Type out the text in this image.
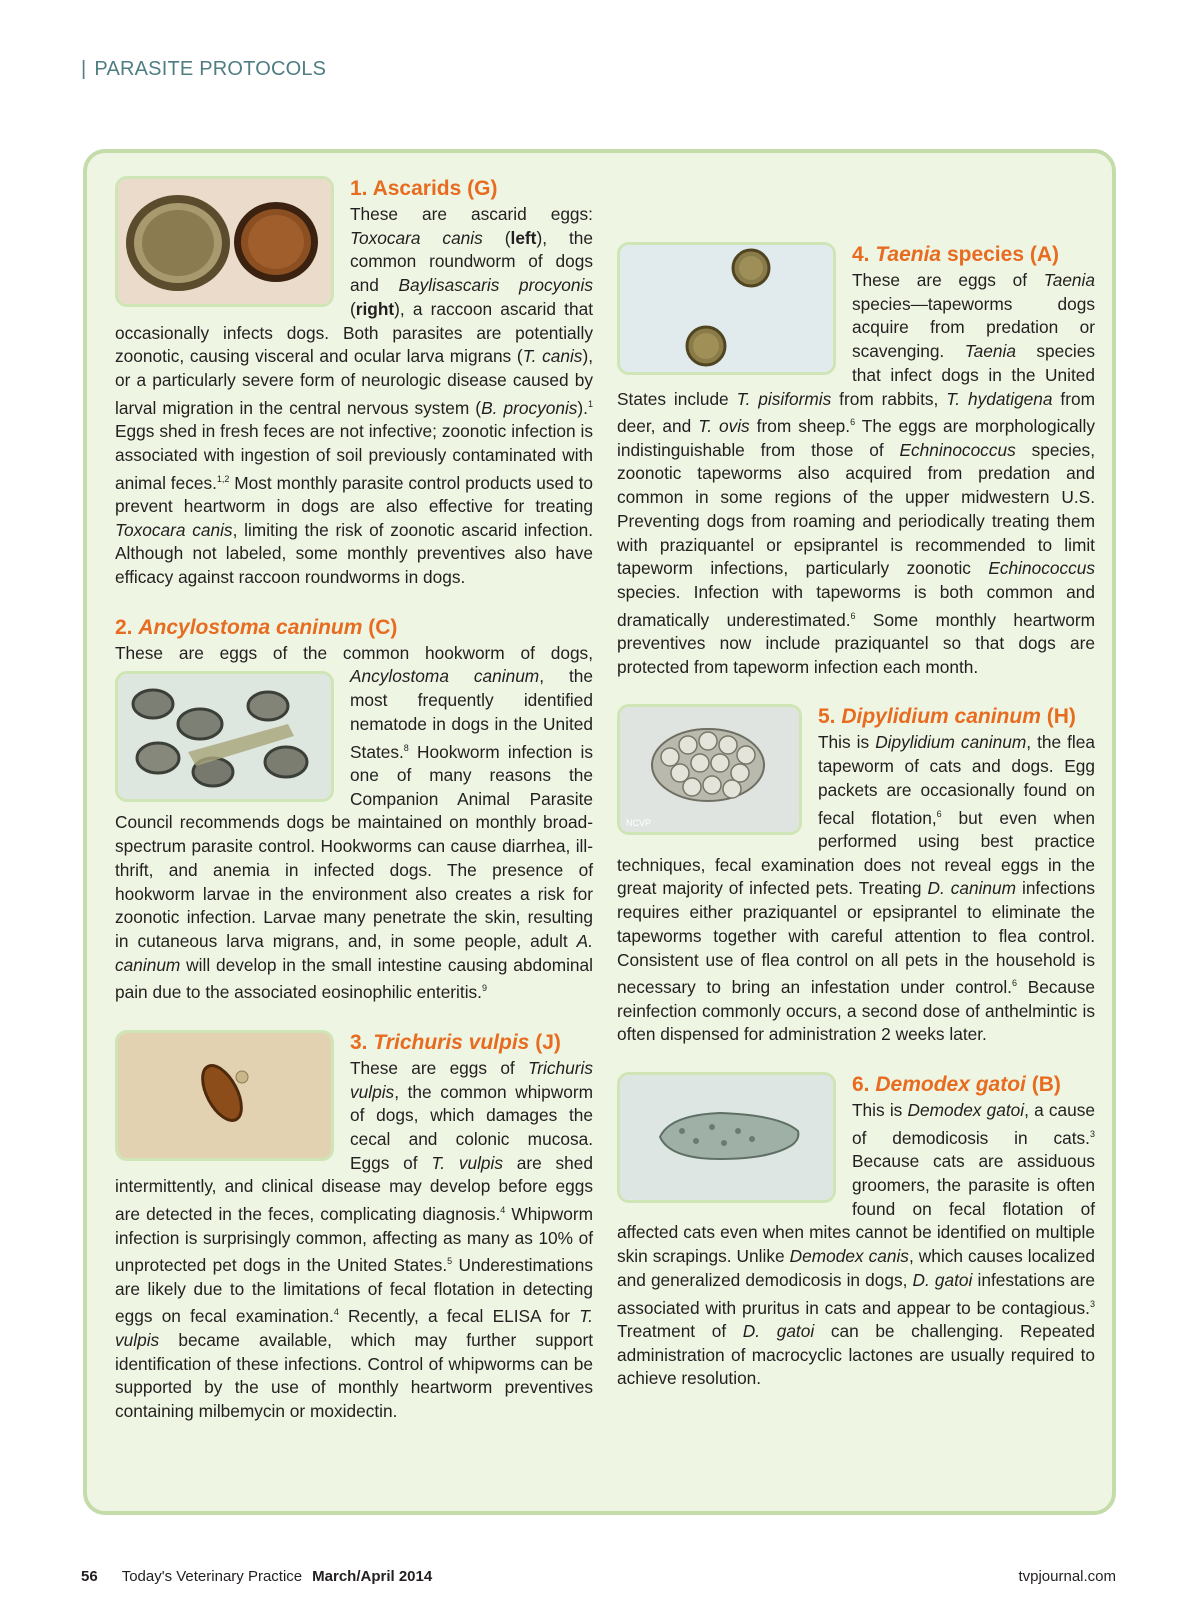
| PARASITE PROTOCOLS

1. Ascarids (G)
These are ascarid eggs: Toxocara canis (left), the common roundworm of dogs and Baylisascaris procyonis (right), a raccoon ascarid that occasionally infects dogs. Both parasites are potentially zoonotic, causing visceral and ocular larva migrans (T. canis), or a particularly severe form of neurologic disease caused by larval migration in the central nervous system (B. procyonis).$^1$ Eggs shed in fresh feces are not infective; zoonotic infection is associated with ingestion of soil previously contaminated with animal feces.$^{1,2}$ Most monthly parasite control products used to prevent heartworm in dogs are also effective for treating Toxocara canis, limiting the risk of zoonotic ascarid infection. Although not labeled, some monthly preventives also have efficacy against raccoon roundworms in dogs.

2. Ancylostoma caninum (C)

These are eggs of the common hookworm of dogs,
Ancylostoma caninum, the most frequently identified nematode in dogs in the United States.$^8$ Hookworm infection is one of many reasons the Companion Animal Parasite Council recommends dogs be maintained on monthly broad-spectrum parasite control. Hookworms can cause diarrhea, ill-thrift, and anemia in infected dogs. The presence of hookworm larvae in the environment also creates a risk for zoonotic infection. Larvae many penetrate the skin, resulting in cutaneous larva migrans, and, in some people, adult A. caninum will develop in the small intestine causing abdominal pain due to the associated eosinophilic enteritis.$^9$

3. Trichuris vulpis (J)
These are eggs of Trichuris vulpis, the common whipworm of dogs, which damages the cecal and colonic mucosa. Eggs of T. vulpis are shed intermittently, and clinical disease may develop before eggs are detected in the feces, complicating diagnosis.$^4$ Whipworm infection is surprisingly common, affecting as many as 10% of unprotected pet dogs in the United States.$^5$ Underestimations are likely due to the limitations of fecal flotation in detecting eggs on fecal examination.$^4$ Recently, a fecal ELISA for T. vulpis became available, which may further support identification of these infections. Control of whipworms can be supported by the use of monthly heartworm preventives containing milbemycin or moxidectin.

4. Taenia species (A)
These are eggs of Taenia species—tapeworms dogs acquire from predation or scavenging. Taenia species that infect dogs in the United States include T. pisiformis from rabbits, T. hydatigena from deer, and T. ovis from sheep.$^6$ The eggs are morphologically indistinguishable from those of Echninococcus species, zoonotic tapeworms also acquired from predation and common in some regions of the upper midwestern U.S. Preventing dogs from roaming and periodically treating them with praziquantel or epsiprantel is recommended to limit tapeworm infections, particularly zoonotic Echinococcus species. Infection with tapeworms is both common and dramatically underestimated.$^6$ Some monthly heartworm preventives now include praziquantel so that dogs are protected from tapeworm infection each month.

NCVP

5. Dipylidium caninum (H)
This is Dipylidium caninum, the flea tapeworm of cats and dogs. Egg packets are occasionally found on fecal flotation,$^6$ but even when performed using best practice techniques, fecal examination does not reveal eggs in the great majority of infected pets. Treating D. caninum infections requires either praziquantel or epsiprantel to eliminate the tapeworms together with careful attention to flea control. Consistent use of flea control on all pets in the household is necessary to bring an infestation under control.$^6$ Because reinfection commonly occurs, a second dose of anthelmintic is often dispensed for administration 2 weeks later.

6. Demodex gatoi (B)
This is Demodex gatoi, a cause of demodicosis in cats.$^3$ Because cats are assiduous groomers, the parasite is often found on fecal flotation of affected cats even when mites cannot be identified on multiple skin scrapings. Unlike Demodex canis, which causes localized and generalized demodicosis in dogs, D. gatoi infestations are associated with pruritus in cats and appear to be contagious.$^3$ Treatment of D. gatoi can be challenging. Repeated administration of macrocyclic lactones are usually required to achieve resolution.

56 Today's Veterinary Practice March/April 2014	tvpjournal.com
